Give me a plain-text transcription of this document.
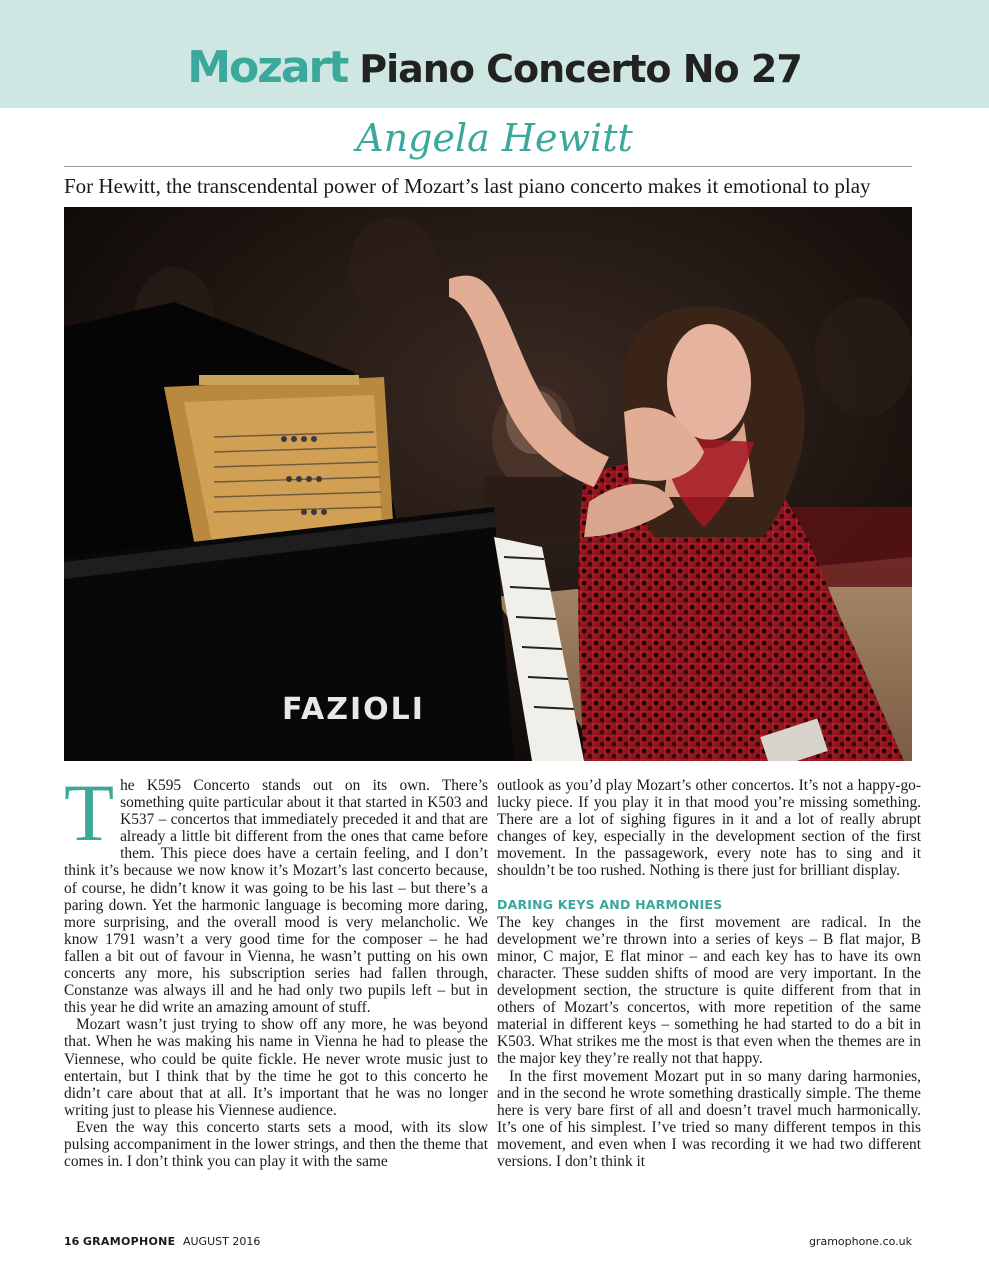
Mozart Piano Concerto No 27
Angela Hewitt
For Hewitt, the transcendental power of Mozart’s last piano concerto makes it emotional to play
FAZIOLI

The K595 Concerto stands out on its own. There’s something quite particular about it that started in K503 and K537 – concertos that immediately preceded it and that are already a little bit different from the ones that came before them. This piece does have a certain feeling, and I don’t think it’s because we now know it’s Mozart’s last concerto because, of course, he didn’t know it was going to be his last – but there’s a paring down. Yet the harmonic language is becoming more daring, more surprising, and the overall mood is very melancholic. We know 1791 wasn’t a very good time for the composer – he had fallen a bit out of favour in Vienna, he wasn’t putting on his own concerts any more, his subscription series had fallen through, Constanze was always ill and he had only two pupils left – but in this year he did write an amazing amount of stuff.

Mozart wasn’t just trying to show off any more, he was beyond that. When he was making his name in Vienna he had to please the Viennese, who could be quite fickle. He never wrote music just to entertain, but I think that by the time he got to this concerto he didn’t care about that at all. It’s important that he was no longer writing just to please his Viennese audience.

Even the way this concerto starts sets a mood, with its slow pulsing accompaniment in the lower strings, and then the theme that comes in. I don’t think you can play it with the same

outlook as you’d play Mozart’s other concertos. It’s not a happy-go-lucky piece. If you play it in that mood you’re missing something. There are a lot of sighing figures in it and a lot of really abrupt changes of key, especially in the development section of the first movement. In the passagework, every note has to sing and it shouldn’t be too rushed. Nothing is there just for brilliant display.

DARING KEYS AND HARMONIES

The key changes in the first movement are radical. In the development we’re thrown into a series of keys – B flat major, B minor, C major, E flat minor – and each key has to have its own character. These sudden shifts of mood are very important. In the development section, the structure is quite different from that in others of Mozart’s concertos, with more repetition of the same material in different keys – something he had started to do a bit in K503. What strikes me the most is that even when the themes are in the major key they’re really not that happy.

In the first movement Mozart put in so many daring harmonies, and in the second he wrote something drastically simple. The theme here is very bare first of all and doesn’t travel much harmonically. It’s one of his simplest. I’ve tried so many different tempos in this movement, and even when I was recording it we had two different versions. I don’t think it

16 GRAMOPHONE AUGUST 2016	gramophone.co.uk
